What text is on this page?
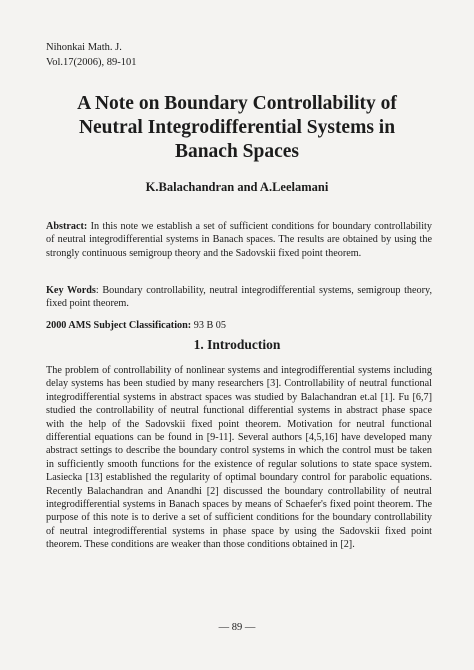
Nihonkai Math. J.
Vol.17(2006), 89-101
A Note on Boundary Controllability of
Neutral Integrodifferential Systems in
Banach Spaces
K.Balachandran and A.Leelamani
Abstract: In this note we establish a set of sufficient conditions for boundary controllability of neutral integrodifferential systems in Banach spaces. The results are obtained by using the strongly continuous semigroup theory and the Sadovskii fixed point theorem.
Key Words: Boundary controllability, neutral integrodifferential systems, semigroup theory, fixed point theorem.
2000 AMS Subject Classification: 93 B 05
1. Introduction
The problem of controllability of nonlinear systems and integrodifferential systems including delay systems has been studied by many researchers [3]. Controllability of neutral functional integrodifferential systems in abstract spaces was studied by Balachandran et.al [1]. Fu [6,7] studied the controllability of neutral functional differential systems in abstract phase space with the help of the Sadovskii fixed point theorem. Motivation for neutral functional differential equations can be found in [9-11]. Several authors [4,5,16] have developed many abstract settings to describe the boundary control systems in which the control must be taken in sufficiently smooth functions for the existence of regular solutions to state space system. Lasiecka [13] established the regularity of optimal boundary control for parabolic equations. Recently Balachandran and Anandhi [2] discussed the boundary controllability of neutral integrodifferential systems in Banach spaces by means of Schaefer's fixed point theorem. The purpose of this note is to derive a set of sufficient conditions for the boundary controllability of neutral integrodifferential systems in phase space by using the Sadovskii fixed point theorem. These conditions are weaker than those conditions obtained in [2].
— 89 —
